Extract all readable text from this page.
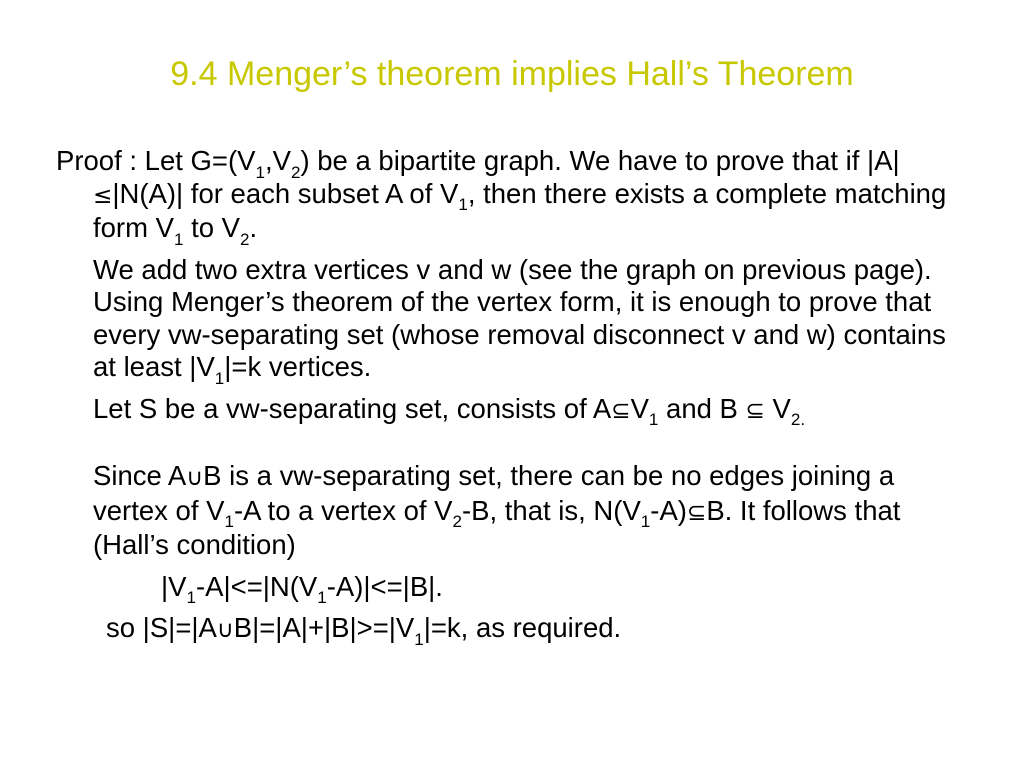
9.4 Menger’s theorem implies Hall’s Theorem

Proof : Let $G=(V_1,V_2)$ be a bipartite graph. We have to prove that if |A|≤|N(A)| for each subset A of $V_1$, then there exists a complete matching form $V_1$ to $V_2$.

We add two extra vertices v and w (see the graph on previous page). Using Menger’s theorem of the vertex form, it is enough to prove that every vw-separating set (whose removal disconnect v and w) contains at least $|V_1|=k$ vertices.

Let S be a vw-separating set, consists of $A⊆V_1$ and B ⊆ $V_{2.}$

Since A∪B is a vw-separating set, there can be no edges joining a vertex of $V_1-A$ to a vertex of $V_2-B$, that is, $N(V_1-A)⊆B$. It follows that (Hall’s condition)

$|V_1-A|<=|N(V_1-A)|<=|B|$.

so $|S|=|A\cup B|=|A|+|B|>=|V_1|=k$, as required.
